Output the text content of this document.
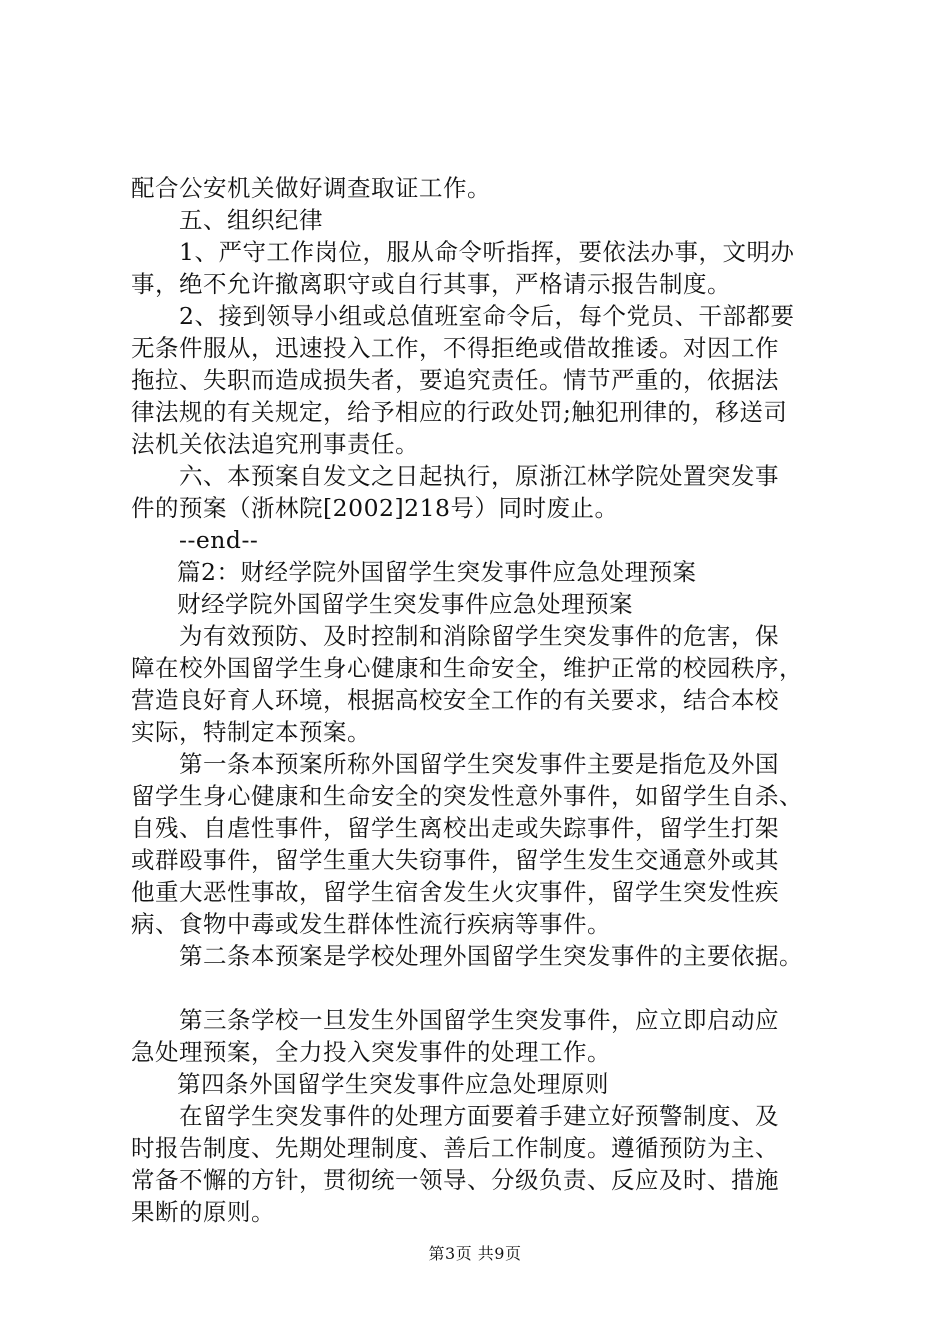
配合公安机关做好调查取证工作。
五、组织纪律
1、严守工作岗位，服从命令听指挥，要依法办事，文明办
事，绝不允许撤离职守或自行其事，严格请示报告制度。
2、接到领导小组或总值班室命令后，每个党员、干部都要
无条件服从，迅速投入工作，不得拒绝或借故推诿。对因工作
拖拉、失职而造成损失者，要追究责任。情节严重的，依据法
律法规的有关规定，给予相应的行政处罚;触犯刑律的，移送司
法机关依法追究刑事责任。
六、本预案自发文之日起执行，原浙江林学院处置突发事
件的预案（浙林院[2002]218号）同时废止。
--end--
篇2：财经学院外国留学生突发事件应急处理预案
财经学院外国留学生突发事件应急处理预案
为有效预防、及时控制和消除留学生突发事件的危害，保
障在校外国留学生身心健康和生命安全，维护正常的校园秩序，
营造良好育人环境，根据高校安全工作的有关要求，结合本校
实际，特制定本预案。
第一条本预案所称外国留学生突发事件主要是指危及外国
留学生身心健康和生命安全的突发性意外事件，如留学生自杀、
自残、自虐性事件，留学生离校出走或失踪事件，留学生打架
或群殴事件，留学生重大失窃事件，留学生发生交通意外或其
他重大恶性事故，留学生宿舍发生火灾事件，留学生突发性疾
病、食物中毒或发生群体性流行疾病等事件。
第二条本预案是学校处理外国留学生突发事件的主要依据。
第三条学校一旦发生外国留学生突发事件，应立即启动应
急处理预案，全力投入突发事件的处理工作。
第四条外国留学生突发事件应急处理原则
在留学生突发事件的处理方面要着手建立好预警制度、及
时报告制度、先期处理制度、善后工作制度。遵循预防为主、
常备不懈的方针，贯彻统一领导、分级负责、反应及时、措施
果断的原则。
第3页 共9页
